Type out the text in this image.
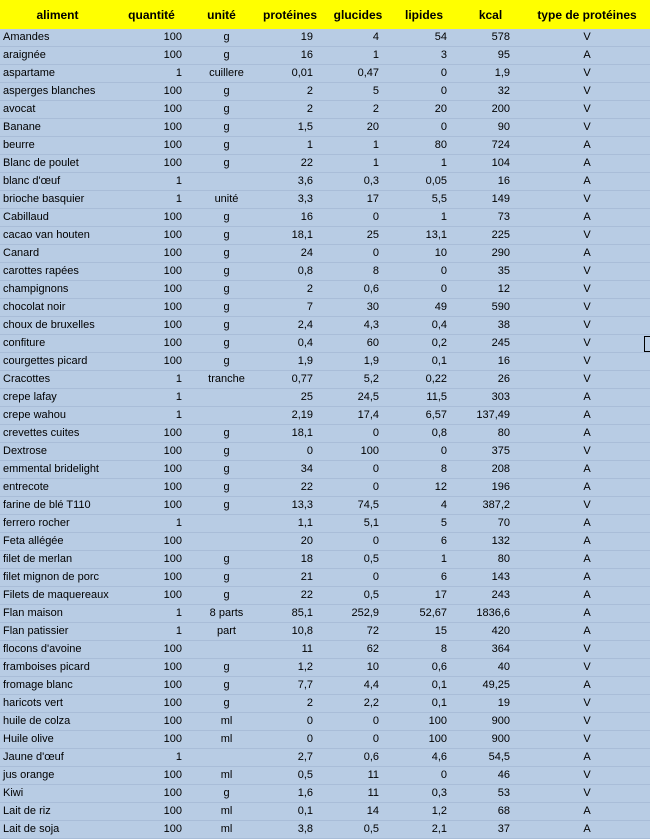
aliment	quantité	unité	protéines	glucides	lipides	kcal	type de protéines
Amandes	100	g	19	4	54	578	V
araignée	100	g	16	1	3	95	A
aspartame	1	cuillere	0,01	0,47	0	1,9	V
asperges blanches	100	g	2	5	0	32	V
avocat	100	g	2	2	20	200	V
Banane	100	g	1,5	20	0	90	V
beurre	100	g	1	1	80	724	A
Blanc de poulet	100	g	22	1	1	104	A
blanc d'œuf	1		3,6	0,3	0,05	16	A
brioche basquier	1	unité	3,3	17	5,5	149	V
Cabillaud	100	g	16	0	1	73	A
cacao van houten	100	g	18,1	25	13,1	225	V
Canard	100	g	24	0	10	290	A
carottes rapées	100	g	0,8	8	0	35	V
champignons	100	g	2	0,6	0	12	V
chocolat noir	100	g	7	30	49	590	V
choux de bruxelles	100	g	2,4	4,3	0,4	38	V
confiture	100	g	0,4	60	0,2	245	V
courgettes picard	100	g	1,9	1,9	0,1	16	V
Cracottes	1	tranche	0,77	5,2	0,22	26	V
crepe lafay	1		25	24,5	11,5	303	A
crepe wahou	1		2,19	17,4	6,57	137,49	A
crevettes cuites	100	g	18,1	0	0,8	80	A
Dextrose	100	g	0	100	0	375	V
emmental bridelight	100	g	34	0	8	208	A
entrecote	100	g	22	0	12	196	A
farine de blé T110	100	g	13,3	74,5	4	387,2	V
ferrero rocher	1		1,1	5,1	5	70	A
Feta allégée	100		20	0	6	132	A
filet de merlan	100	g	18	0,5	1	80	A
filet mignon de porc	100	g	21	0	6	143	A
Filets de maquereaux	100	g	22	0,5	17	243	A
Flan maison	1	8 parts	85,1	252,9	52,67	1836,6	A
Flan patissier	1	part	10,8	72	15	420	A
flocons d'avoine	100		11	62	8	364	V
framboises picard	100	g	1,2	10	0,6	40	V
fromage blanc	100	g	7,7	4,4	0,1	49,25	A
haricots vert	100	g	2	2,2	0,1	19	V
huile de colza	100	ml	0	0	100	900	V
Huile olive	100	ml	0	0	100	900	V
Jaune d'œuf	1		2,7	0,6	4,6	54,5	A
jus orange	100	ml	0,5	11	0	46	V
Kiwi	100	g	1,6	11	0,3	53	V
Lait de riz	100	ml	0,1	14	1,2	68	A
Lait de soja	100	ml	3,8	0,5	2,1	37	A
